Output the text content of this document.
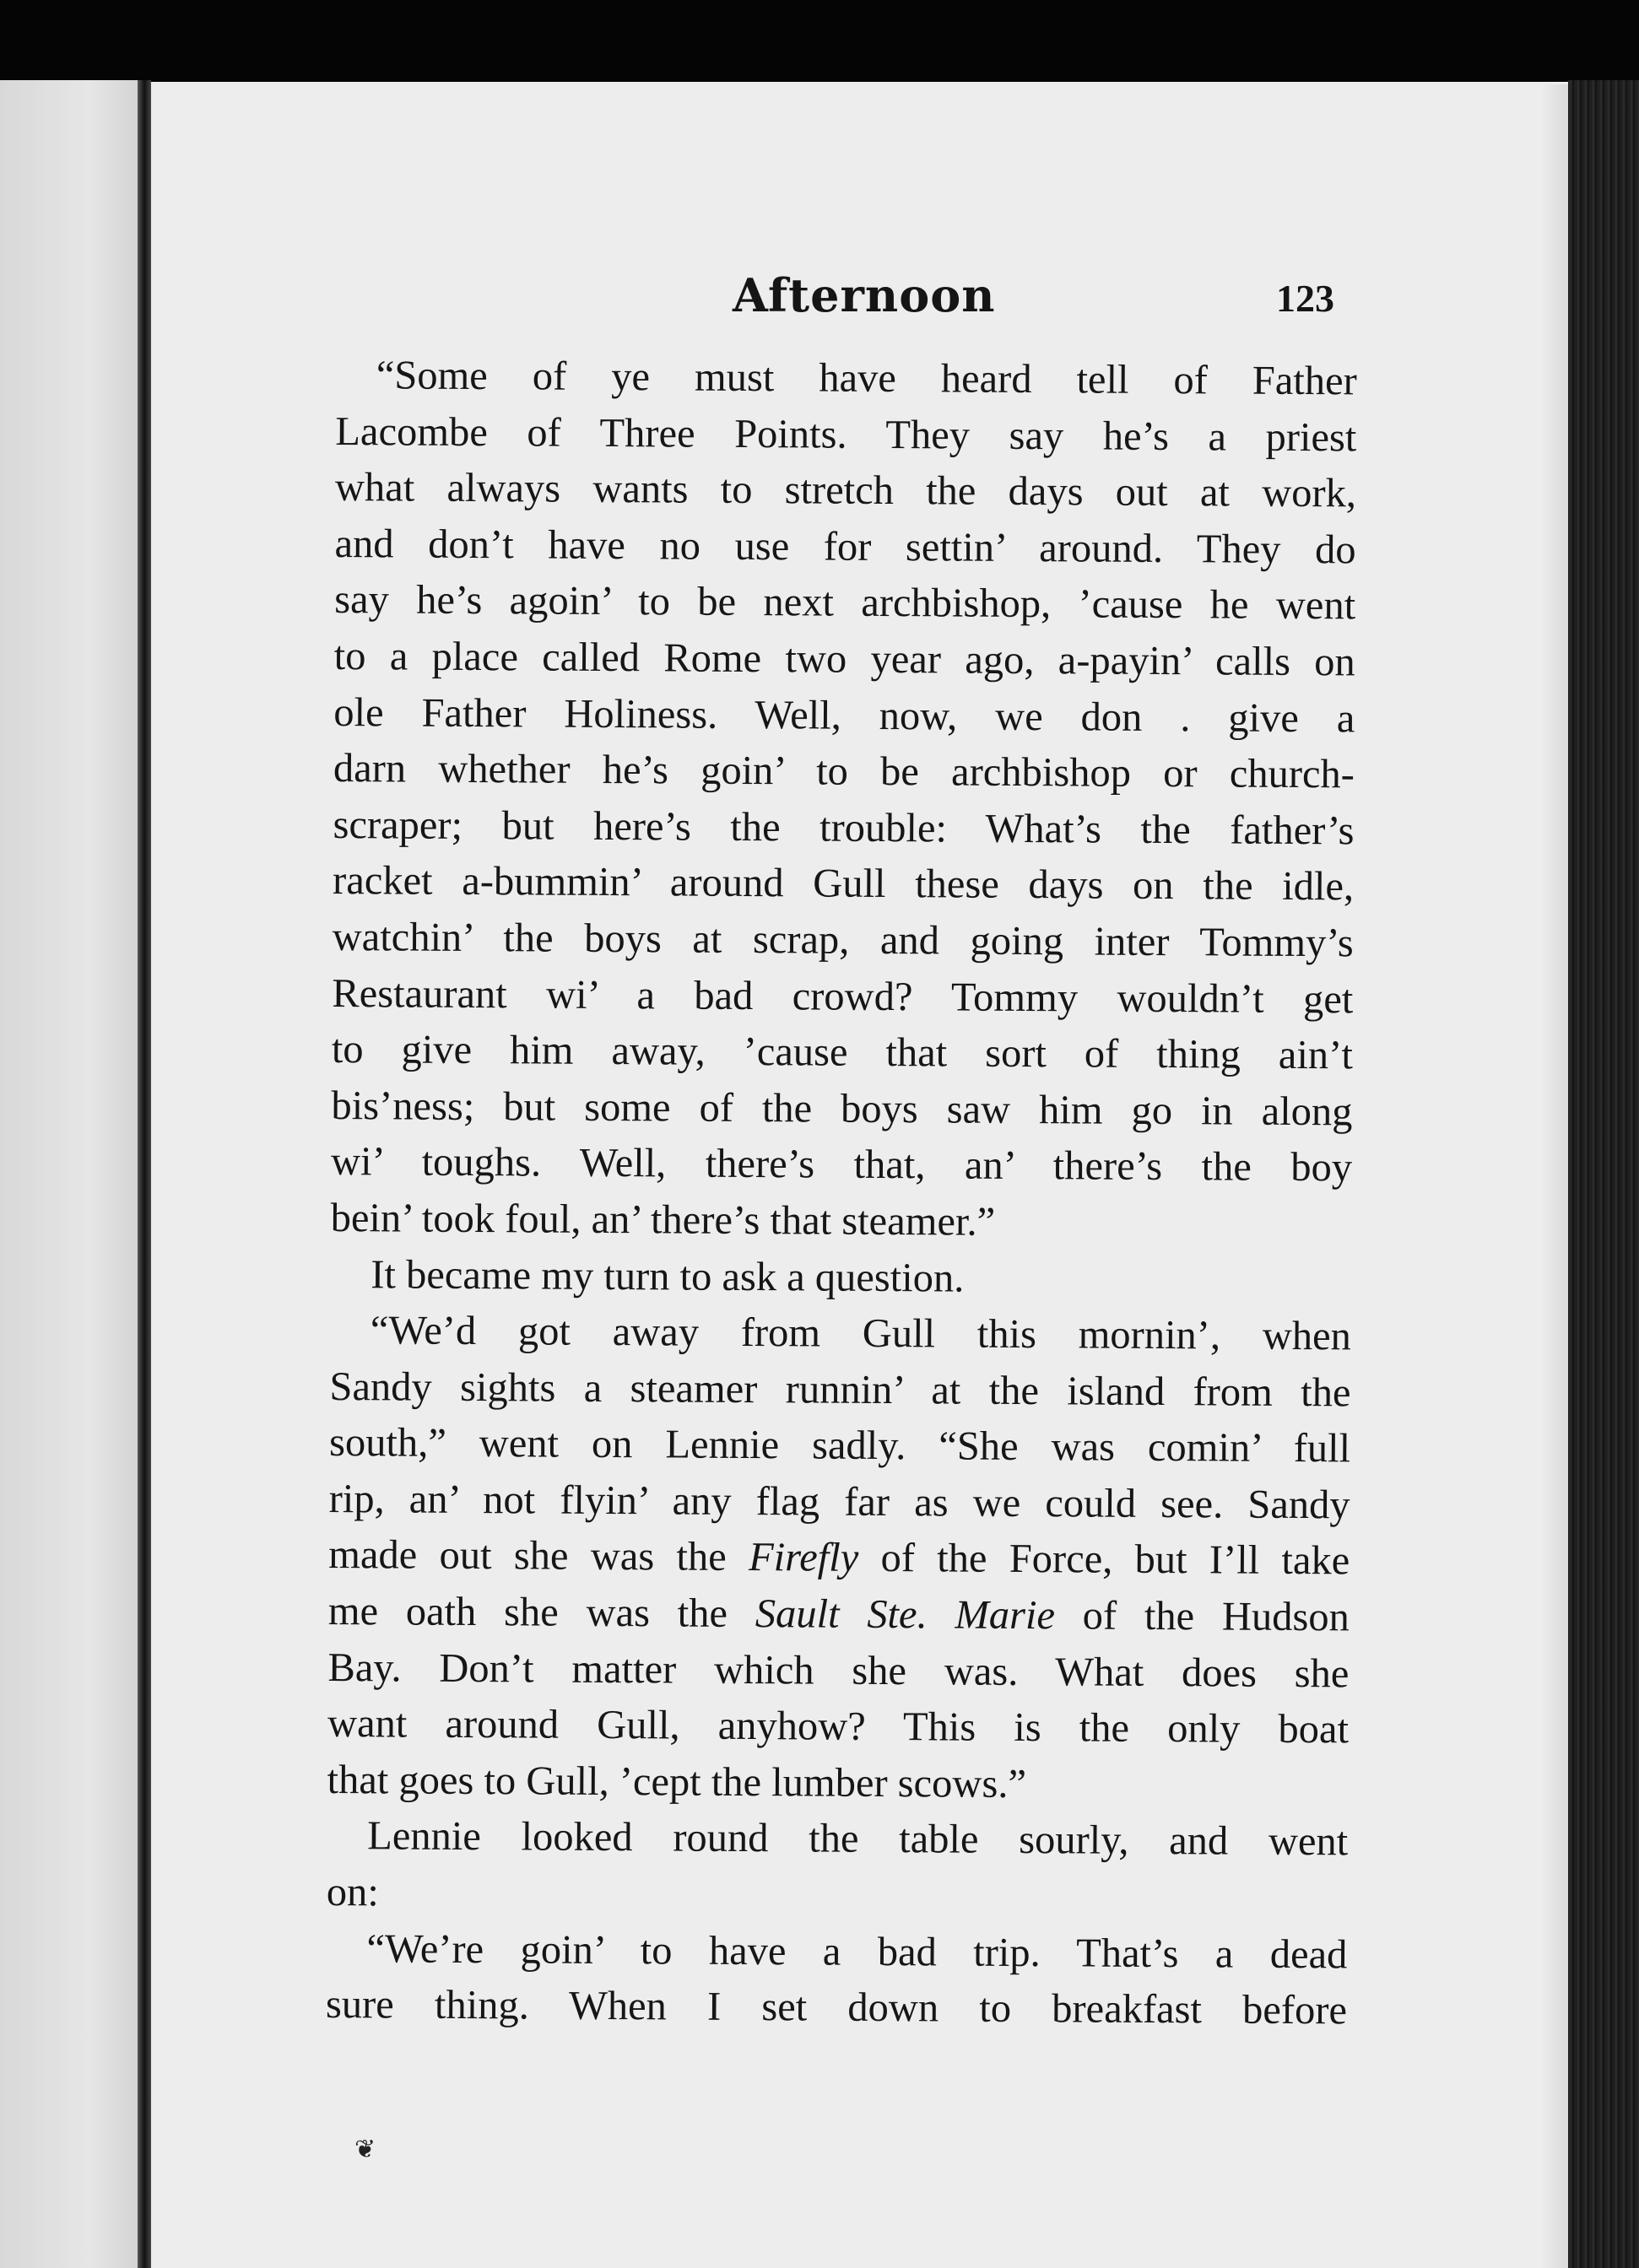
Afternoon	123
“Some of ye must have heard tell of Father
Lacombe of Three Points. They say he’s a priest
what always wants to stretch the days out at work,
and don’t have no use for settin’ around. They do
say he’s agoin’ to be next archbishop, ’cause he went
to a place called Rome two year ago, a-payin’ calls on
ole Father Holiness. Well, now, we don . give a
darn whether he’s goin’ to be archbishop or church-
scraper; but here’s the trouble: What’s the father’s
racket a-bummin’ around Gull these days on the idle,
watchin’ the boys at scrap, and going inter Tommy’s
Restaurant wi’ a bad crowd? Tommy wouldn’t get
to give him away, ’cause that sort of thing ain’t
bis’ness; but some of the boys saw him go in along
wi’ toughs. Well, there’s that, an’ there’s the boy
bein’ took foul, an’ there’s that steamer.”
It became my turn to ask a question.
“We’d got away from Gull this mornin’, when
Sandy sights a steamer runnin’ at the island from the
south,” went on Lennie sadly. “She was comin’ full
rip, an’ not flyin’ any flag far as we could see. Sandy
made out she was the Firefly of the Force, but I’ll take
me oath she was the Sault Ste. Marie of the Hudson
Bay. Don’t matter which she was. What does she
want around Gull, anyhow? This is the only boat
that goes to Gull, ’cept the lumber scows.”
Lennie looked round the table sourly, and went
on:
“We’re goin’ to have a bad trip. That’s a dead
sure thing. When I set down to breakfast before
❦
